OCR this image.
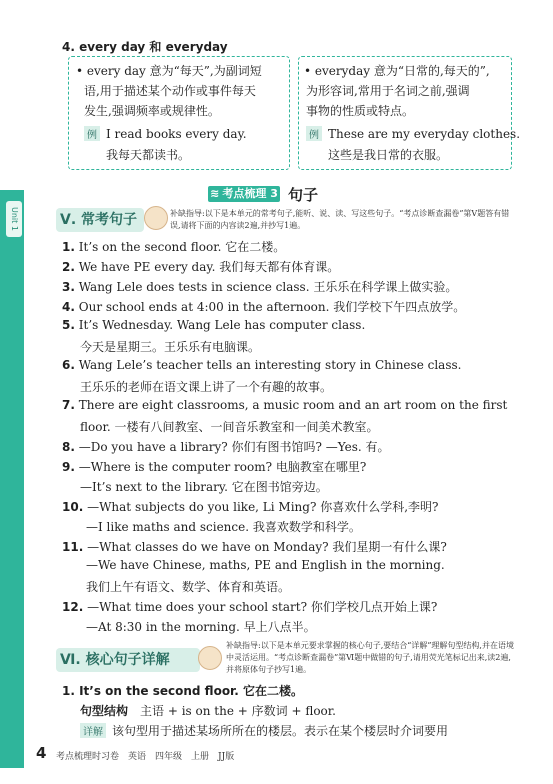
Unit 1
4. every day 和 everyday
• every day 意为“每天”,为副词短
语,用于描述某个动作或事件每天
发生,强调频率或规律性。
例 I read books every day.
我每天都读书。
• everyday 意为“日常的,每天的”,
为形容词,常用于名词之前,强调
事物的性质或特点。
例 These are my everyday clothes.
这些是我日常的衣服。
≋ 考点梳理 3 句子
Ⅴ. 常考句子	补缺指导:以下是本单元的常考句子,能听、说、读、写这些句子。“考点诊断查漏卷”第Ⅴ题答有错误,请将下面的内容读2遍,并抄写1遍。
1. It’s on the second floor. 它在二楼。
2. We have PE every day. 我们每天都有体育课。
3. Wang Lele does tests in science class. 王乐乐在科学课上做实验。
4. Our school ends at 4:00 in the afternoon. 我们学校下午四点放学。
5. It’s Wednesday. Wang Lele has computer class.
今天是星期三。王乐乐有电脑课。
6. Wang Lele’s teacher tells an interesting story in Chinese class.
王乐乐的老师在语文课上讲了一个有趣的故事。
7. There are eight classrooms, a music room and an art room on the first
floor. 一楼有八间教室、一间音乐教室和一间美术教室。
8. —Do you have a library? 你们有图书馆吗? —Yes. 有。
9. —Where is the computer room? 电脑教室在哪里?
—It’s next to the library. 它在图书馆旁边。
10. —What subjects do you like, Li Ming? 你喜欢什么学科,李明?
—I like maths and science. 我喜欢数学和科学。
11. —What classes do we have on Monday? 我们星期一有什么课?
—We have Chinese, maths, PE and English in the morning.
我们上午有语文、数学、体育和英语。
12. —What time does your school start? 你们学校几点开始上课?
—At 8:30 in the morning. 早上八点半。
Ⅵ. 核心句子详解
补缺指导:以下是本单元要求掌握的核心句子,要结合“详解”理解句型结构,并在语境中灵活运用。“考点诊断查漏卷”第Ⅵ题中做错的句子,请用荧光笔标记出来,读2遍,并将原体句子抄写1遍。
1. It’s on the second floor. 它在二楼。
句型结构　 主语 + is on the + 序数词 + floor.
详解 该句型用于描述某场所所在的楼层。表示在某个楼层时介词要用
4 考点梳理时习卷　英语　四年级　上册　JJ版
